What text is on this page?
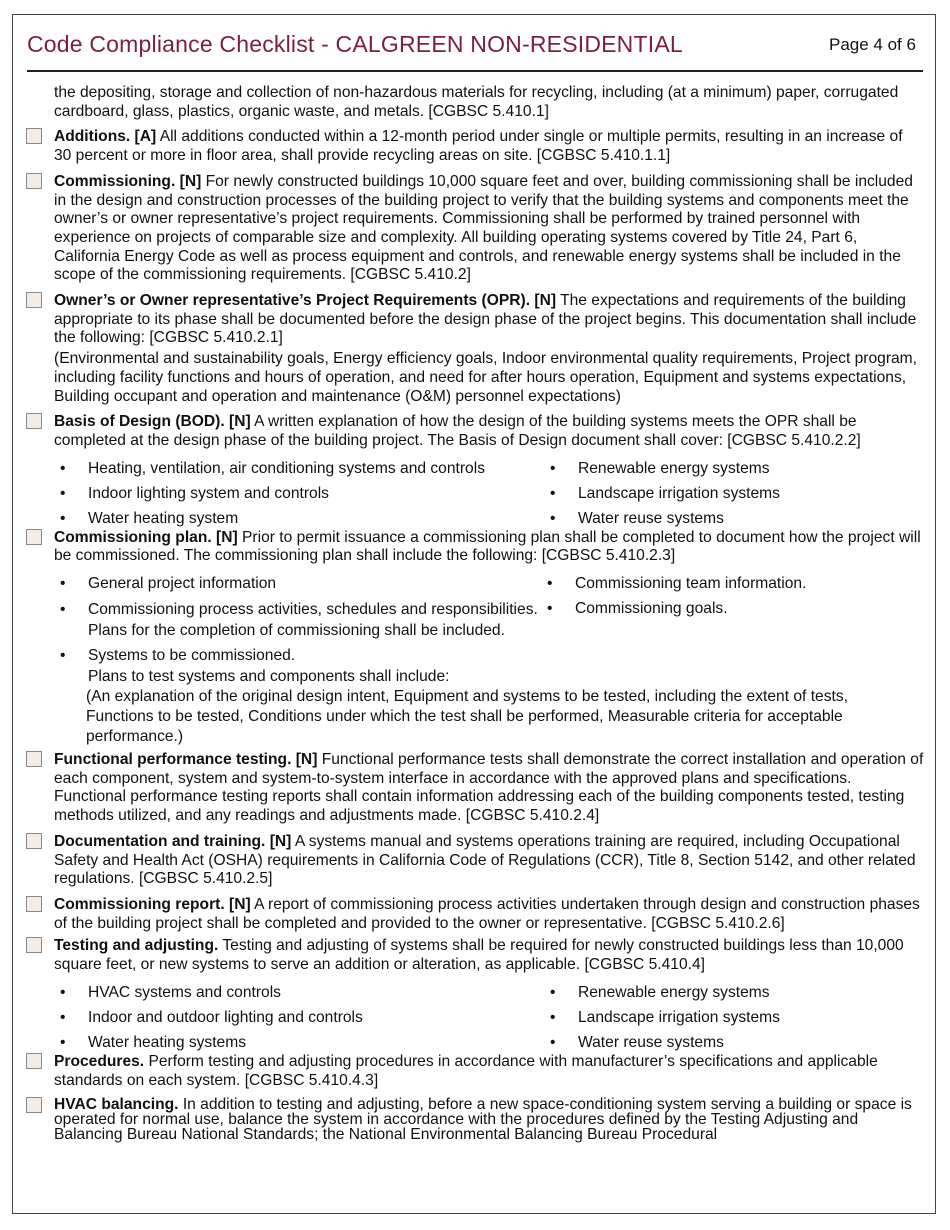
Code Compliance Checklist - CALGREEN NON-RESIDENTIAL	Page 4 of 6
the depositing, storage and collection of non-hazardous materials for recycling, including (at a minimum) paper, corrugated cardboard, glass, plastics, organic waste, and metals. [CGBSC 5.410.1]
Additions. [A] All additions conducted within a 12-month period under single or multiple permits, resulting in an increase of 30 percent or more in floor area, shall provide recycling areas on site. [CGBSC 5.410.1.1]
Commissioning. [N] For newly constructed buildings 10,000 square feet and over, building commissioning shall be included in the design and construction processes of the building project to verify that the building systems and components meet the owner’s or owner representative’s project requirements. Commissioning shall be performed by trained personnel with experience on projects of comparable size and complexity. All building operating systems covered by Title 24, Part 6, California Energy Code as well as process equipment and controls, and renewable energy systems shall be included in the scope of the commissioning requirements. [CGBSC 5.410.2]
Owner’s or Owner representative’s Project Requirements (OPR). [N] The expectations and requirements of the building appropriate to its phase shall be documented before the design phase of the project begins. This documentation shall include the following: [CGBSC 5.410.2.1]
(Environmental and sustainability goals, Energy efficiency goals, Indoor environmental quality requirements, Project program, including facility functions and hours of operation, and need for after hours operation, Equipment and systems expectations, Building occupant and operation and maintenance (O&M) personnel expectations)
Basis of Design (BOD). [N] A written explanation of how the design of the building systems meets the OPR shall be completed at the design phase of the building project. The Basis of Design document shall cover: [CGBSC 5.410.2.2]
• Heating, ventilation, air conditioning systems and controls
• Indoor lighting system and controls
• Water heating system
• Renewable energy systems
• Landscape irrigation systems
• Water reuse systems
Commissioning plan. [N] Prior to permit issuance a commissioning plan shall be completed to document how the project will be commissioned. The commissioning plan shall include the following: [CGBSC 5.410.2.3]
• General project information
• Commissioning process activities, schedules and responsibilities. Plans for the completion of commissioning shall be included.
• Systems to be commissioned.
• Commissioning team information.
• Commissioning goals.
Plans to test systems and components shall include:
(An explanation of the original design intent, Equipment and systems to be tested, including the extent of tests, Functions to be tested, Conditions under which the test shall be performed, Measurable criteria for acceptable performance.)
Functional performance testing. [N] Functional performance tests shall demonstrate the correct installation and operation of each component, system and system-to-system interface in accordance with the approved plans and specifications. Functional performance testing reports shall contain information addressing each of the building components tested, testing methods utilized, and any readings and adjustments made. [CGBSC 5.410.2.4]
Documentation and training. [N] A systems manual and systems operations training are required, including Occupational Safety and Health Act (OSHA) requirements in California Code of Regulations (CCR), Title 8, Section 5142, and other related regulations. [CGBSC 5.410.2.5]
Commissioning report. [N] A report of commissioning process activities undertaken through design and construction phases of the building project shall be completed and provided to the owner or representative. [CGBSC 5.410.2.6]
Testing and adjusting. Testing and adjusting of systems shall be required for newly constructed buildings less than 10,000 square feet, or new systems to serve an addition or alteration, as applicable. [CGBSC 5.410.4]
• HVAC systems and controls
• Indoor and outdoor lighting and controls
• Water heating systems
• Renewable energy systems
• Landscape irrigation systems
• Water reuse systems
Procedures. Perform testing and adjusting procedures in accordance with manufacturer’s specifications and applicable standards on each system. [CGBSC 5.410.4.3]
HVAC balancing. In addition to testing and adjusting, before a new space-conditioning system serving a building or space is operated for normal use, balance the system in accordance with the procedures defined by the Testing Adjusting and Balancing Bureau National Standards; the National Environmental Balancing Bureau Procedural
